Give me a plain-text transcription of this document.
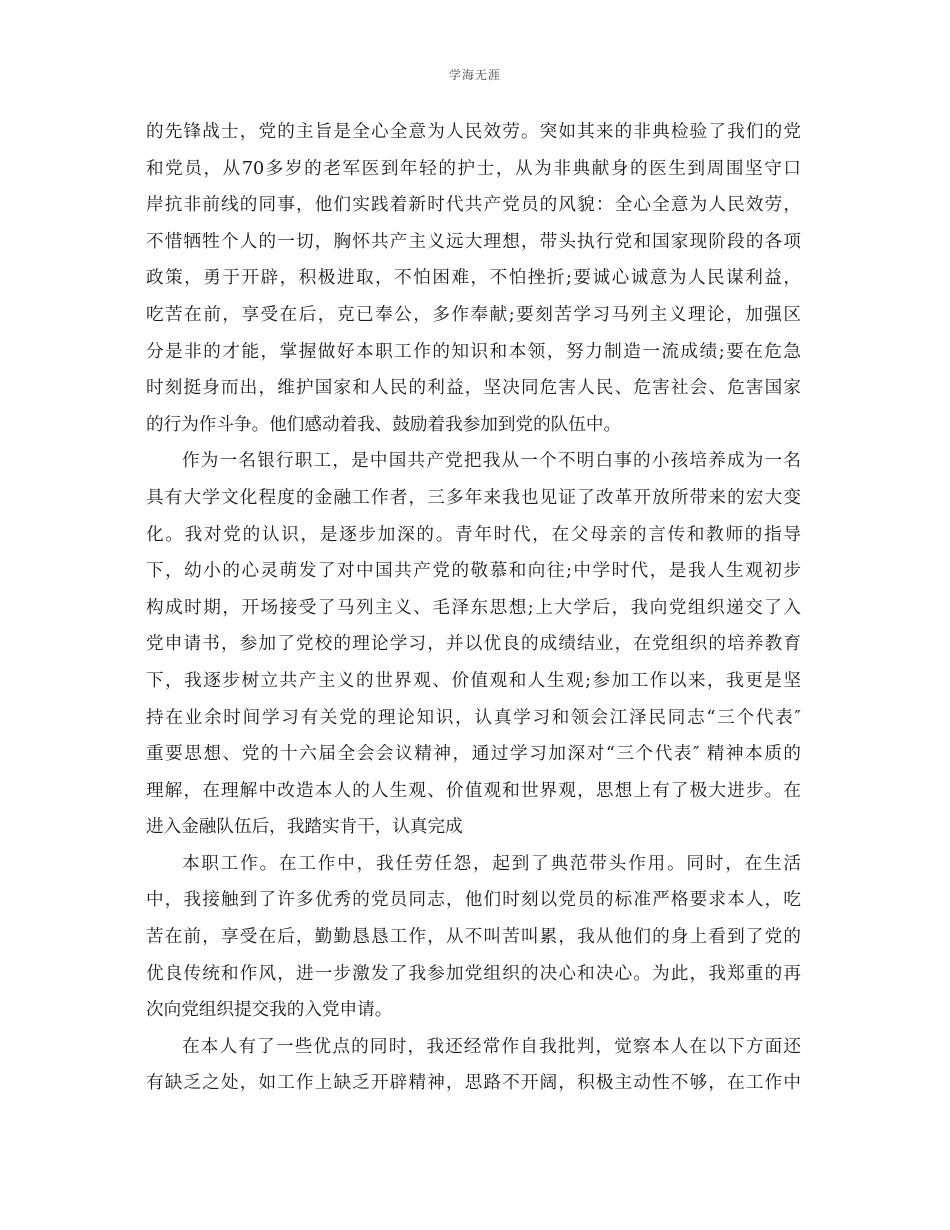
学海无涯
的先锋战士，党的主旨是全心全意为人民效劳。突如其来的非典检验了我们的党
和党员，从70多岁的老军医到年轻的护士，从为非典献身的医生到周围坚守口
岸抗非前线的同事，他们实践着新时代共产党员的风貌：全心全意为人民效劳，
不惜牺牲个人的一切，胸怀共产主义远大理想，带头执行党和国家现阶段的各项
政策，勇于开辟，积极进取，不怕困难，不怕挫折;要诚心诚意为人民谋利益，
吃苦在前，享受在后，克已奉公，多作奉献;要刻苦学习马列主义理论，加强区
分是非的才能，掌握做好本职工作的知识和本领，努力制造一流成绩;要在危急
时刻挺身而出，维护国家和人民的利益，坚决同危害人民、危害社会、危害国家
的行为作斗争。他们感动着我、鼓励着我参加到党的队伍中。
作为一名银行职工，是中国共产党把我从一个不明白事的小孩培养成为一名
具有大学文化程度的金融工作者，三多年来我也见证了改革开放所带来的宏大变
化。我对党的认识，是逐步加深的。青年时代，在父母亲的言传和教师的指导
下，幼小的心灵萌发了对中国共产党的敬慕和向往;中学时代，是我人生观初步
构成时期，开场接受了马列主义、毛泽东思想;上大学后，我向党组织递交了入
党申请书，参加了党校的理论学习，并以优良的成绩结业，在党组织的培养教育
下，我逐步树立共产主义的世界观、价值观和人生观;参加工作以来，我更是坚
持在业余时间学习有关党的理论知识，认真学习和领会江泽民同志“三个代表″
重要思想、党的十六届全会会议精神，通过学习加深对“三个代表″ 精神本质的
理解，在理解中改造本人的人生观、价值观和世界观，思想上有了极大进步。在
进入金融队伍后，我踏实肯干，认真完成
本职工作。在工作中，我任劳任怨，起到了典范带头作用。同时，在生活
中，我接触到了许多优秀的党员同志，他们时刻以党员的标准严格要求本人，吃
苦在前，享受在后，勤勤恳恳工作，从不叫苦叫累，我从他们的身上看到了党的
优良传统和作风，进一步激发了我参加党组织的决心和决心。为此，我郑重的再
次向党组织提交我的入党申请。
在本人有了一些优点的同时，我还经常作自我批判，觉察本人在以下方面还
有缺乏之处，如工作上缺乏开辟精神，思路不开阔，积极主动性不够，在工作中
